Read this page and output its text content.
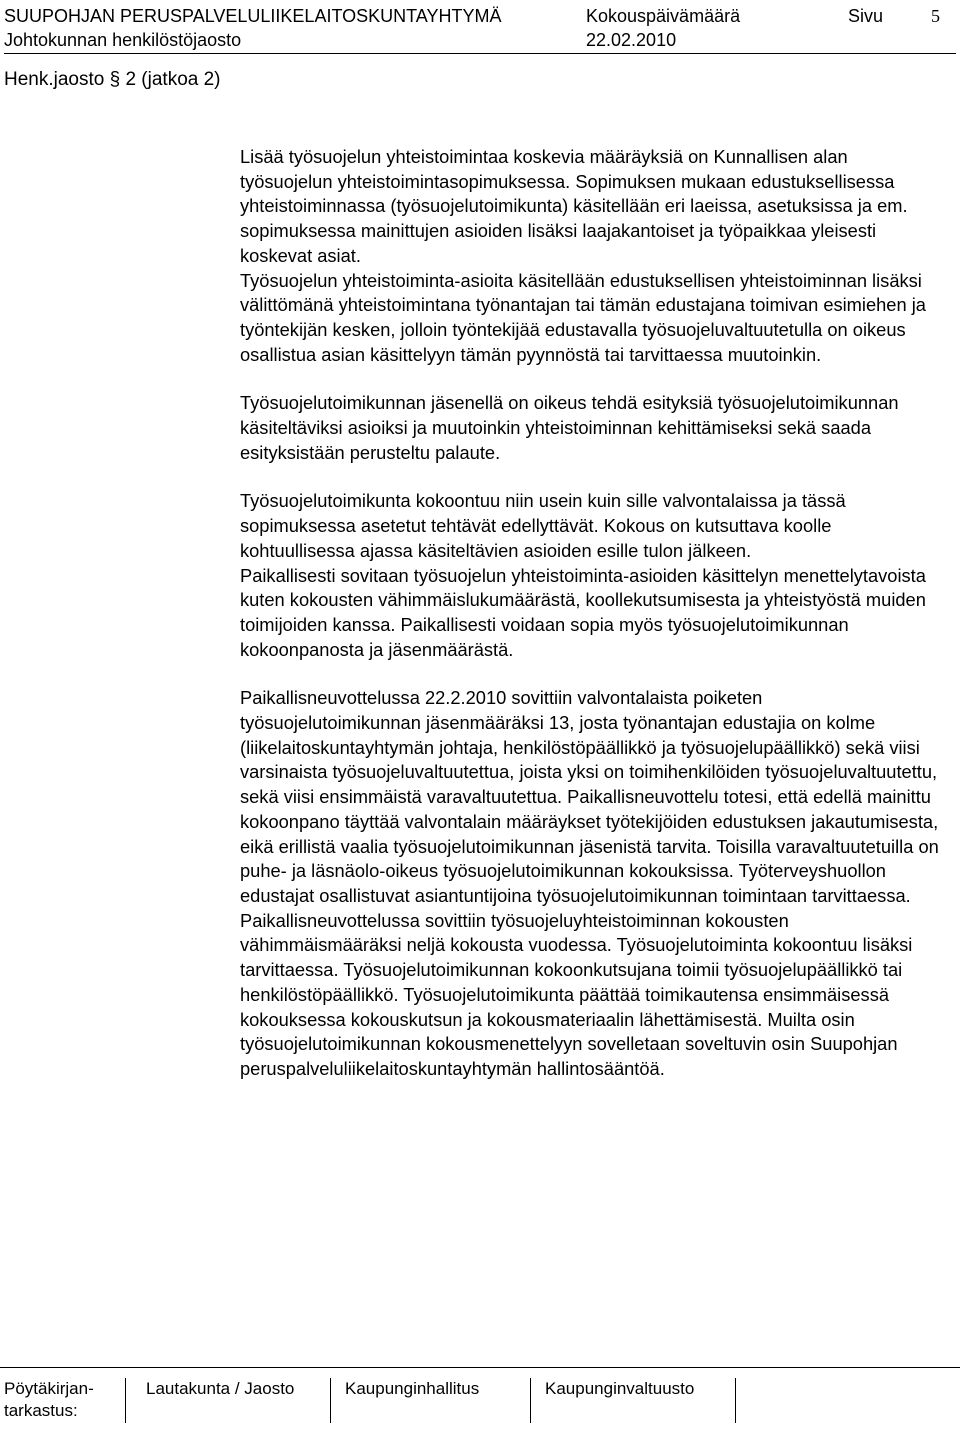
SUUPOHJAN PERUSPALVELULIIKELAITOSKUNTAYHTYMÄ
Johtokunnan henkilöstöjaosto
Kokouspäivämäärä
22.02.2010
Sivu	5
Henk.jaosto § 2 (jatkoa 2)

Lisää työsuojelun yhteistoimintaa koskevia määräyksiä on Kunnallisen alan työsuojelun yhteistoimintasopimuksessa. Sopimuksen mukaan edustuksellisessa yhteistoiminnassa (työsuojelutoimikunta) käsitellään eri laeissa, asetuksissa ja em. sopimuksessa mainittujen asioiden lisäksi laajakantoiset ja työpaikkaa yleisesti koskevat asiat.

Työsuojelun yhteistoiminta-asioita käsitellään edustuksellisen yhteistoiminnan lisäksi välittömänä yhteistoimintana työnantajan tai tämän edustajana toimivan esimiehen ja työntekijän kesken, jolloin työntekijää edustavalla työsuojeluvaltuutetulla on oikeus osallistua asian käsittelyyn tämän pyynnöstä tai tarvittaessa muutoinkin.

Työsuojelutoimikunnan jäsenellä on oikeus tehdä esityksiä työsuojelutoimikunnan käsiteltäviksi asioiksi ja muutoinkin yhteistoiminnan kehittämiseksi sekä saada esityksistään perusteltu palaute.

Työsuojelutoimikunta kokoontuu niin usein kuin sille valvontalaissa ja tässä sopimuksessa asetetut tehtävät edellyttävät. Kokous on kutsuttava koolle kohtuullisessa ajassa käsiteltävien asioiden esille tulon jälkeen.

Paikallisesti sovitaan työsuojelun yhteistoiminta-asioiden käsittelyn menettelytavoista kuten kokousten vähimmäislukumäärästä, koollekutsumisesta ja yhteistyöstä muiden toimijoiden kanssa. Paikallisesti voidaan sopia myös työsuojelutoimikunnan kokoonpanosta ja jäsenmäärästä.

Paikallisneuvottelussa 22.2.2010 sovittiin valvontalaista poiketen työsuojelutoimikunnan jäsenmääräksi 13, josta työnantajan edustajia on kolme (liikelaitoskuntayhtymän johtaja, henkilöstöpäällikkö ja työsuojelupäällikkö) sekä viisi varsinaista työsuojeluvaltuutettua, joista yksi on toimihenkilöiden työsuojeluvaltuutettu, sekä viisi ensimmäistä varavaltuutettua. Paikallisneuvottelu totesi, että edellä mainittu kokoonpano täyttää valvontalain määräykset työtekijöiden edustuksen jakautumisesta, eikä erillistä vaalia työsuojelutoimikunnan jäsenistä tarvita. Toisilla varavaltuutetuilla on puhe- ja läsnäolo-oikeus työsuojelutoimikunnan kokouksissa. Työterveyshuollon edustajat osallistuvat asiantuntijoina työsuojelutoimikunnan toimintaan tarvittaessa.

Paikallisneuvottelussa sovittiin työsuojeluyhteistoiminnan kokousten vähimmäismääräksi neljä kokousta vuodessa. Työsuojelutoiminta kokoontuu lisäksi tarvittaessa. Työsuojelutoimikunnan kokoonkutsujana toimii työsuojelupäällikkö tai henkilöstöpäällikkö. Työsuojelutoimikunta päättää toimikautensa ensimmäisessä kokouksessa kokouskutsun ja kokousmateriaalin lähettämisestä. Muilta osin työsuojelutoimikunnan kokousmenettelyyn sovelletaan soveltuvin osin Suupohjan peruspalveluliikelaitoskuntayhtymän hallintosääntöä.

Pöytäkirjan-tarkastus:
Lautakunta / Jaosto	Kaupunginhallitus	Kaupunginvaltuusto
